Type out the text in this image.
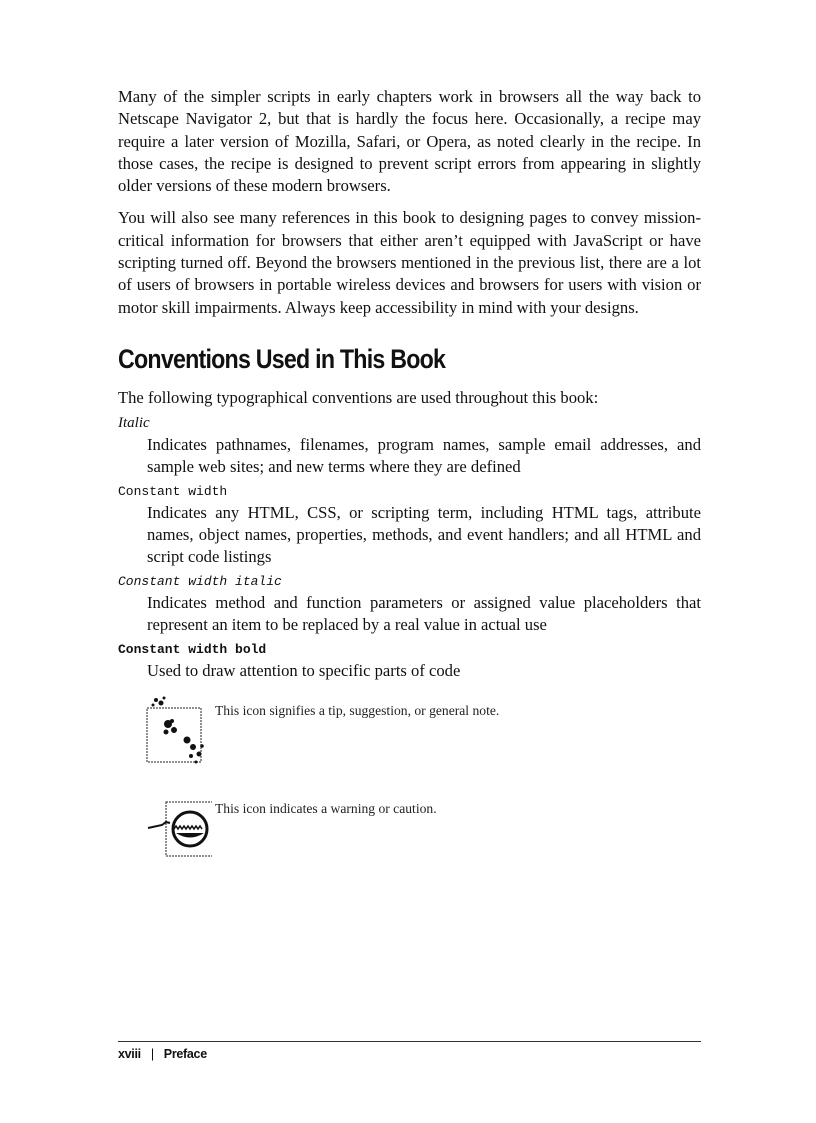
Many of the simpler scripts in early chapters work in browsers all the way back to Netscape Navigator 2, but that is hardly the focus here. Occasionally, a recipe may require a later version of Mozilla, Safari, or Opera, as noted clearly in the recipe. In those cases, the recipe is designed to prevent script errors from appearing in slightly older versions of these modern browsers.

You will also see many references in this book to designing pages to convey mission-critical information for browsers that either aren’t equipped with JavaScript or have scripting turned off. Beyond the browsers mentioned in the previous list, there are a lot of users of browsers in portable wireless devices and browsers for users with vision or motor skill impairments. Always keep accessibility in mind with your designs.

Conventions Used in This Book

The following typographical conventions are used throughout this book:

Italic
Indicates pathnames, filenames, program names, sample email addresses, and sample web sites; and new terms where they are defined
Constant width
Indicates any HTML, CSS, or scripting term, including HTML tags, attribute names, object names, properties, methods, and event handlers; and all HTML and script code listings
Constant width italic
Indicates method and function parameters or assigned value placeholders that represent an item to be replaced by a real value in actual use
Constant width bold
Used to draw attention to specific parts of code
This icon signifies a tip, suggestion, or general note.
This icon indicates a warning or caution.
xviii | Preface
